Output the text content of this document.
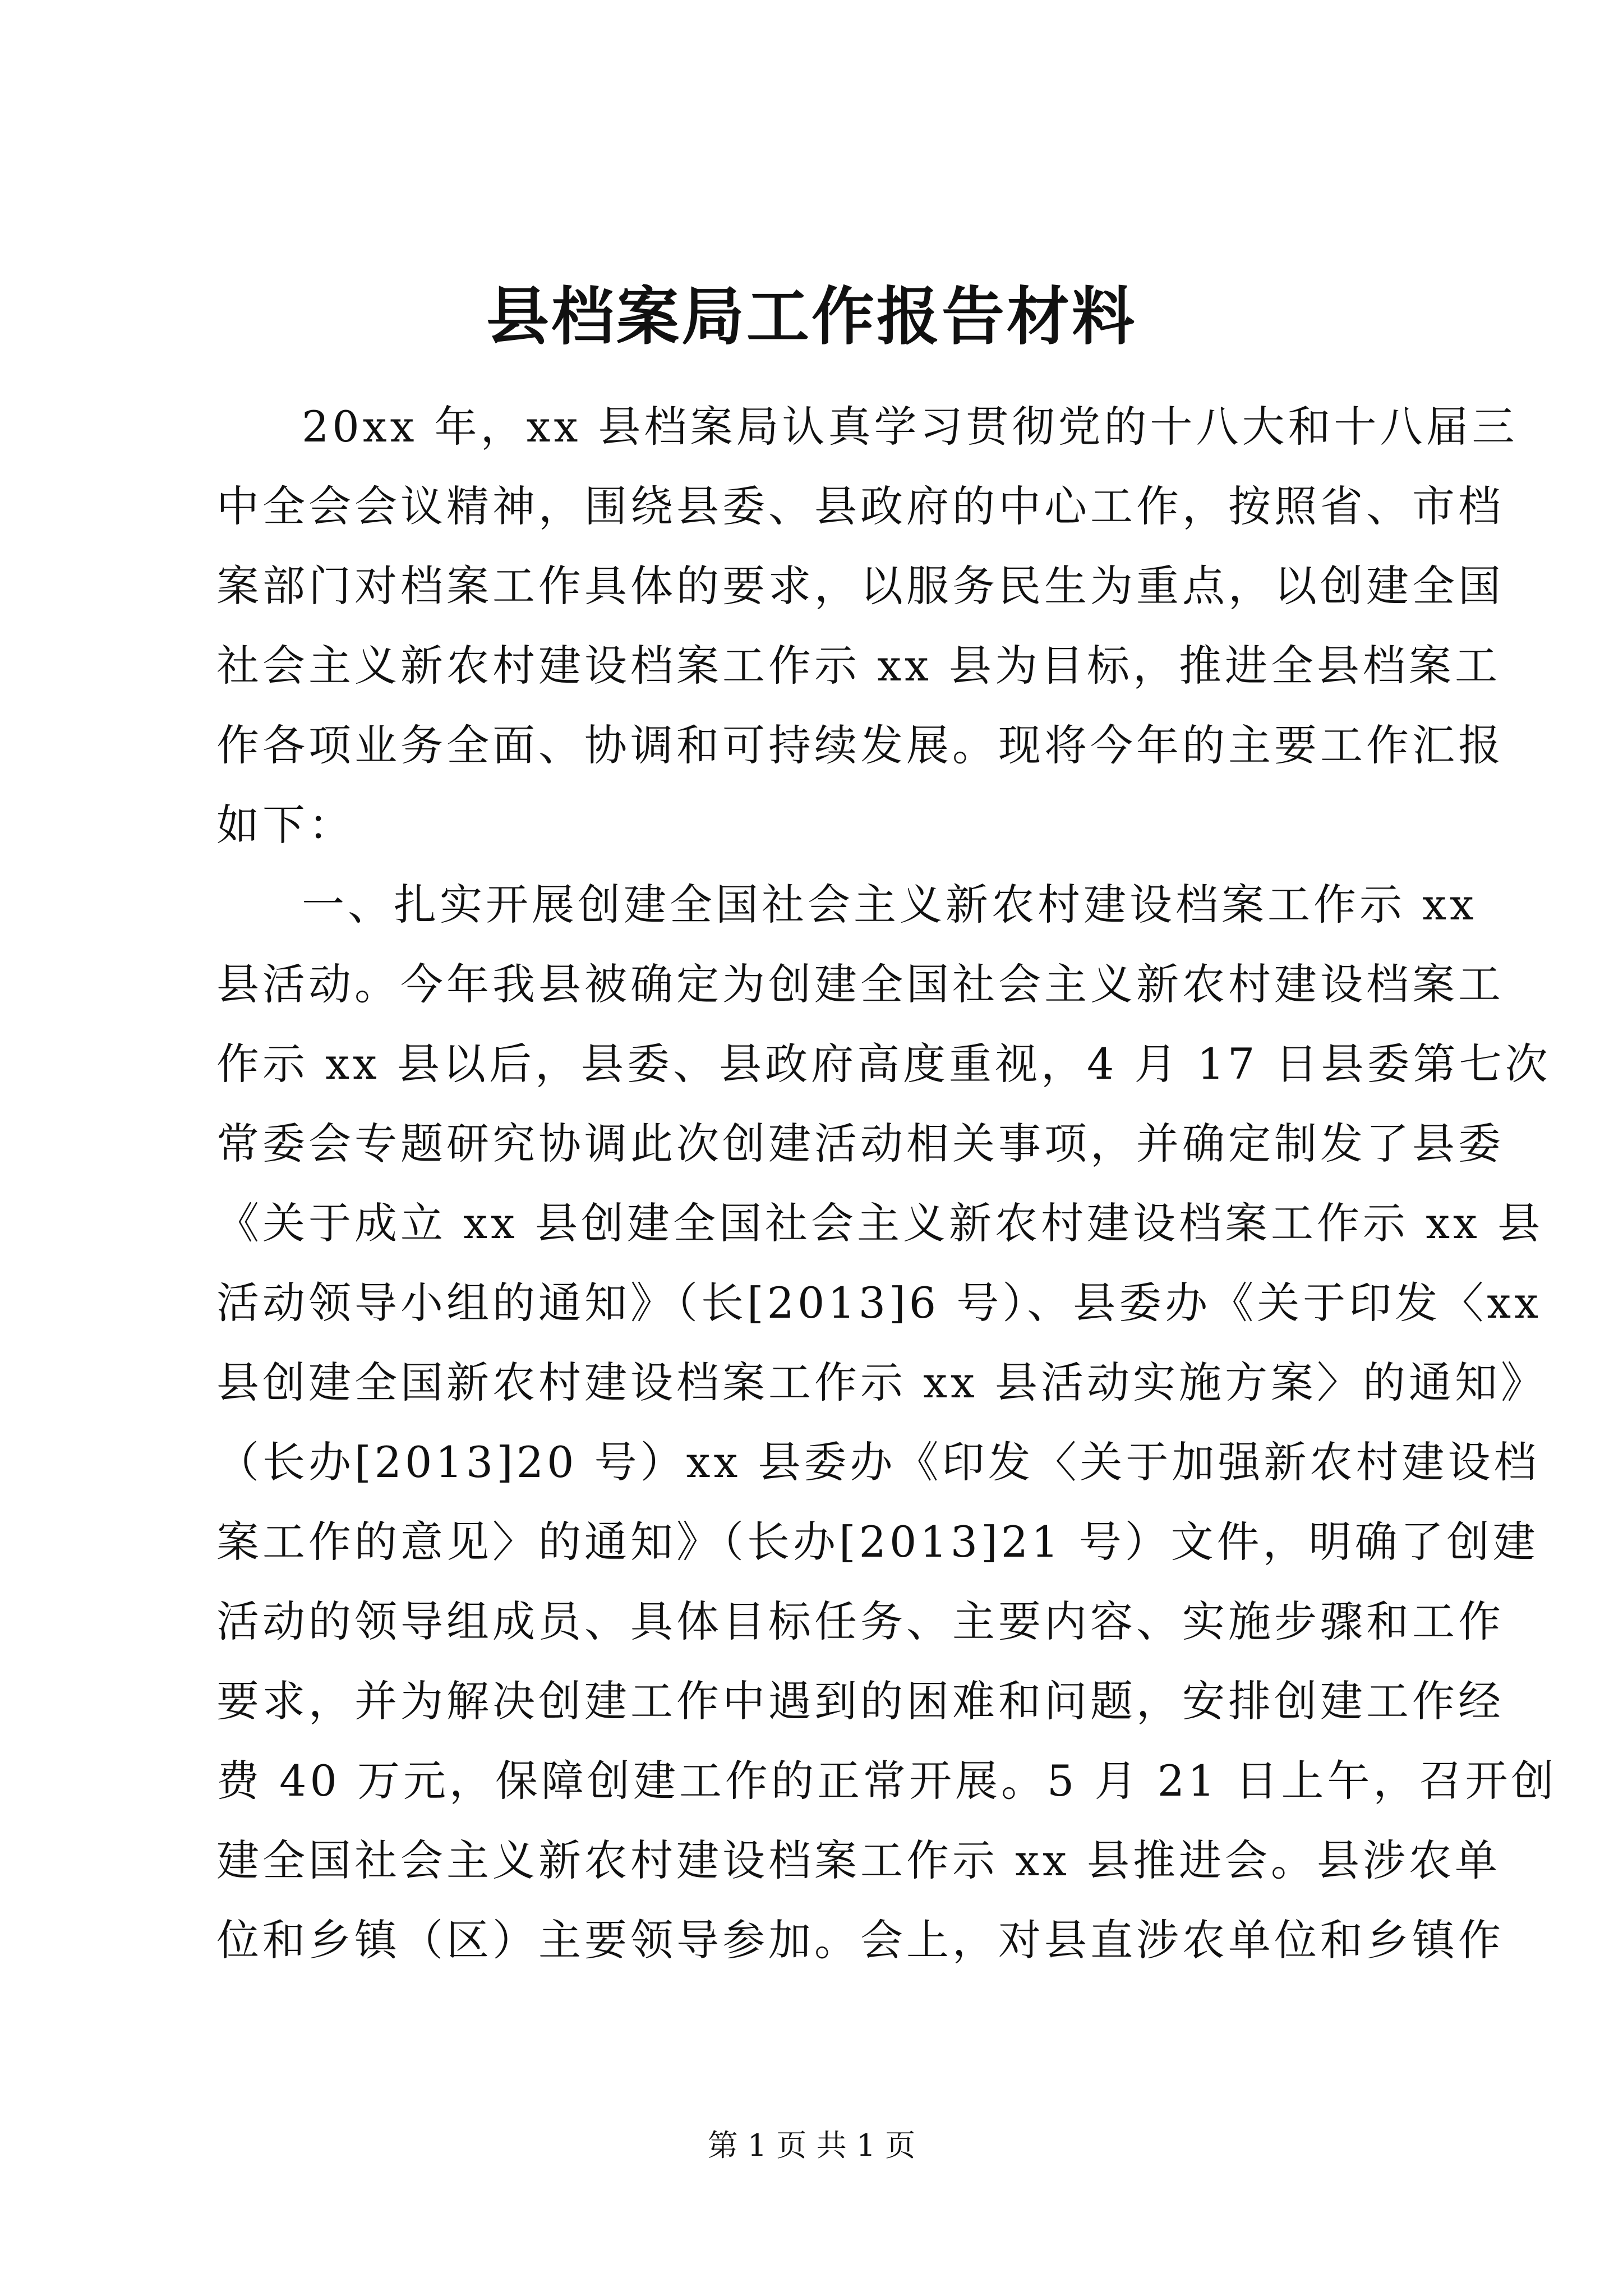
县档案局工作报告材料
20xx 年，xx 县档案局认真学习贯彻党的十八大和十八届三
中全会会议精神，围绕县委、县政府的中心工作，按照省、市档
案部门对档案工作具体的要求，以服务民生为重点，以创建全国
社会主义新农村建设档案工作示 xx 县为目标，推进全县档案工
作各项业务全面、协调和可持续发展。现将今年的主要工作汇报
如下：
一、扎实开展创建全国社会主义新农村建设档案工作示 xx
县活动。今年我县被确定为创建全国社会主义新农村建设档案工
作示 xx 县以后，县委、县政府高度重视，4 月 17 日县委第七次
常委会专题研究协调此次创建活动相关事项，并确定制发了县委
《关于成立 xx 县创建全国社会主义新农村建设档案工作示 xx 县
活动领导小组的通知》（长[2013]6 号）、县委办《关于印发〈xx
县创建全国新农村建设档案工作示 xx 县活动实施方案〉的通知》
（长办[2013]20 号）xx 县委办《印发〈关于加强新农村建设档
案工作的意见〉的通知》（长办[2013]21 号）文件，明确了创建
活动的领导组成员、具体目标任务、主要内容、实施步骤和工作
要求，并为解决创建工作中遇到的困难和问题，安排创建工作经
费 40 万元，保障创建工作的正常开展。5 月 21 日上午，召开创
建全国社会主义新农村建设档案工作示 xx 县推进会。县涉农单
位和乡镇（区）主要领导参加。会上，对县直涉农单位和乡镇作
第 1 页 共 1 页
